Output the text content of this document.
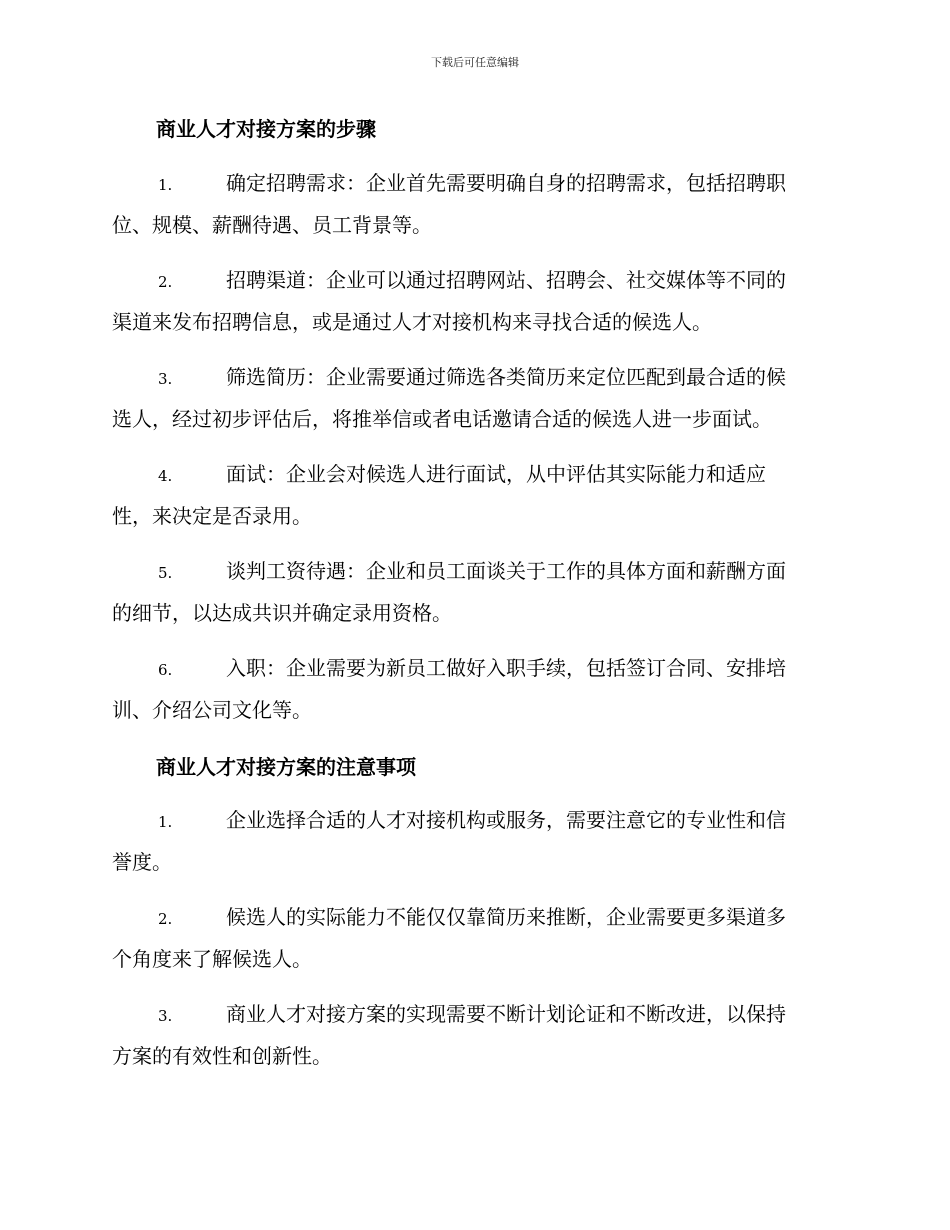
下载后可任意编辑
商业人才对接方案的步骤
1.	确定招聘需求：企业首先需要明确自身的招聘需求，包括招聘职
位、规模、薪酬待遇、员工背景等。
2.	招聘渠道：企业可以通过招聘网站、招聘会、社交媒体等不同的
渠道来发布招聘信息，或是通过人才对接机构来寻找合适的候选人。
3.	筛选简历：企业需要通过筛选各类简历来定位匹配到最合适的候
选人，经过初步评估后，将推举信或者电话邀请合适的候选人进一步面试。
4.	面试：企业会对候选人进行面试，从中评估其实际能力和适应
性，来决定是否录用。
5.	谈判工资待遇：企业和员工面谈关于工作的具体方面和薪酬方面
的细节，以达成共识并确定录用资格。
6.	入职：企业需要为新员工做好入职手续，包括签订合同、安排培
训、介绍公司文化等。
商业人才对接方案的注意事项
1.	企业选择合适的人才对接机构或服务，需要注意它的专业性和信
誉度。
2.	候选人的实际能力不能仅仅靠简历来推断，企业需要更多渠道多
个角度来了解候选人。
3.	商业人才对接方案的实现需要不断计划论证和不断改进，以保持
方案的有效性和创新性。
